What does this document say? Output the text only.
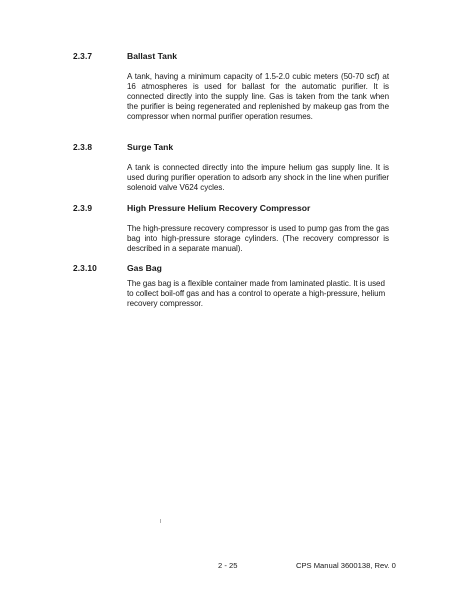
2.3.7	Ballast Tank
A tank, having a minimum capacity of 1.5-2.0 cubic meters (50-70 scf) at 16 atmospheres is used for ballast for the automatic purifier. It is connected directly into the supply line. Gas is taken from the tank when the purifier is being regenerated and replenished by makeup gas from the compressor when normal purifier operation resumes.
2.3.8	Surge Tank
A tank is connected directly into the impure helium gas supply line. It is used during purifier operation to adsorb any shock in the line when purifier solenoid valve V624 cycles.
2.3.9	High Pressure Helium Recovery Compressor
The high-pressure recovery compressor is used to pump gas from the gas bag into high-pressure storage cylinders. (The recovery compressor is described in a separate manual).
2.3.10	Gas Bag
The gas bag is a flexible container made from laminated plastic. It is used to collect boil-off gas and has a control to operate a high-pressure, helium recovery compressor.
2 - 25	CPS Manual 3600138, Rev. 0
